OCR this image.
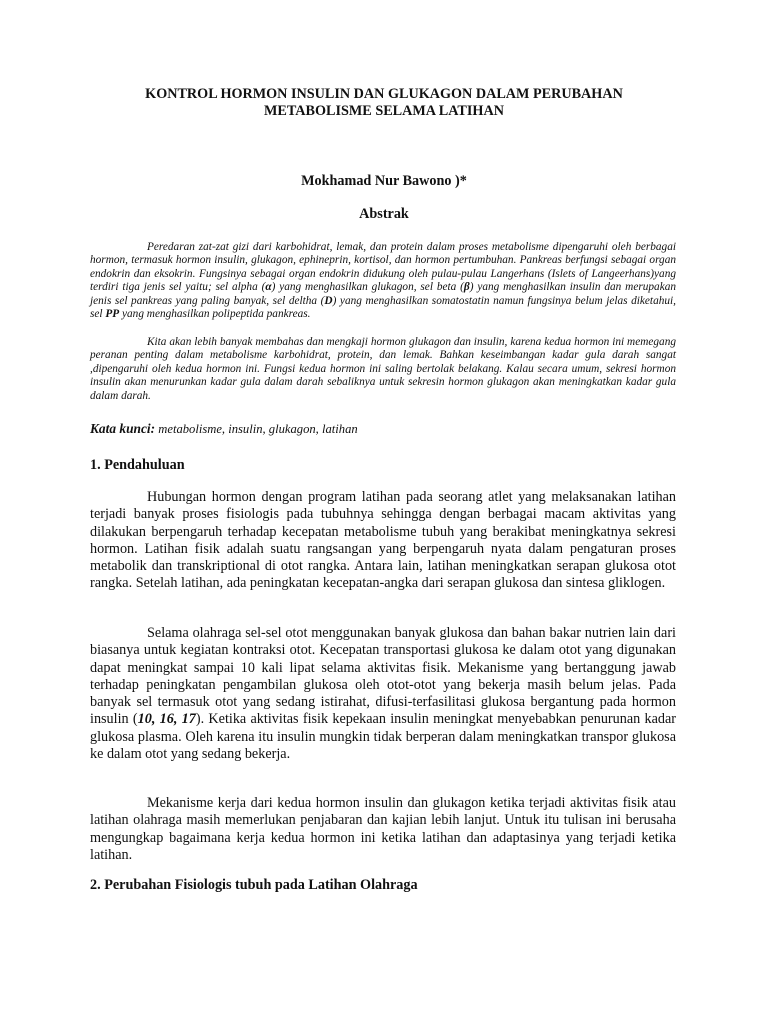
KONTROL HORMON INSULIN DAN GLUKAGON DALAM PERUBAHAN
METABOLISME SELAMA LATIHAN
Mokhamad Nur Bawono )*
Abstrak

Peredaran zat-zat gizi dari karbohidrat, lemak, dan protein dalam proses metabolisme dipengaruhi oleh berbagai hormon, termasuk hormon insulin, glukagon, ephineprin, kortisol, dan hormon pertumbuhan. Pankreas berfungsi sebagai organ endokrin dan eksokrin. Fungsinya sebagai organ endokrin didukung oleh pulau-pulau Langerhans (Islets of Langeerhans)yang terdiri tiga jenis sel yaitu; sel alpha (α) yang menghasilkan glukagon, sel beta (β) yang menghasilkan insulin dan merupakan jenis sel pankreas yang paling banyak, sel deltha (D) yang menghasilkan somatostatin namun fungsinya belum jelas diketahui, sel PP yang menghasilkan polipeptida pankreas.

Kita akan lebih banyak membahas dan mengkaji hormon glukagon dan insulin, karena kedua hormon ini memegang peranan penting dalam metabolisme karbohidrat, protein, dan lemak. Bahkan keseimbangan kadar gula darah sangat ,dipengaruhi oleh kedua hormon ini. Fungsi kedua hormon ini saling bertolak belakang. Kalau secara umum, sekresi hormon insulin akan menurunkan kadar gula dalam darah sebaliknya untuk sekresin hormon glukagon akan meningkatkan kadar gula dalam darah.

Kata kunci: metabolisme, insulin, glukagon, latihan
1. Pendahuluan

Hubungan hormon dengan program latihan pada seorang atlet yang melaksanakan latihan terjadi banyak proses fisiologis pada tubuhnya sehingga dengan berbagai macam aktivitas yang dilakukan berpengaruh terhadap kecepatan metabolisme tubuh yang berakibat meningkatnya sekresi hormon. Latihan fisik adalah suatu rangsangan yang berpengaruh nyata dalam pengaturan proses metabolik dan transkriptional di otot rangka. Antara lain, latihan meningkatkan serapan glukosa otot rangka. Setelah latihan, ada peningkatan kecepatan-angka dari serapan glukosa dan sintesa gliklogen.

Selama olahraga sel-sel otot menggunakan banyak glukosa dan bahan bakar nutrien lain dari biasanya untuk kegiatan kontraksi otot. Kecepatan transportasi glukosa ke dalam otot yang digunakan dapat meningkat sampai 10 kali lipat selama aktivitas fisik. Mekanisme yang bertanggung jawab terhadap peningkatan pengambilan glukosa oleh otot-otot yang bekerja masih belum jelas. Pada banyak sel termasuk otot yang sedang istirahat, difusi-terfasilitasi glukosa bergantung pada hormon insulin (10, 16, 17). Ketika aktivitas fisik kepekaan insulin meningkat menyebabkan penurunan kadar glukosa plasma. Oleh karena itu insulin mungkin tidak berperan dalam meningkatkan transpor glukosa ke dalam otot yang sedang bekerja.

Mekanisme kerja dari kedua hormon insulin dan glukagon ketika terjadi aktivitas fisik atau latihan olahraga masih memerlukan penjabaran dan kajian lebih lanjut. Untuk itu tulisan ini berusaha mengungkap bagaimana kerja kedua hormon ini ketika latihan dan adaptasinya yang terjadi ketika latihan.

2. Perubahan Fisiologis tubuh pada Latihan Olahraga
